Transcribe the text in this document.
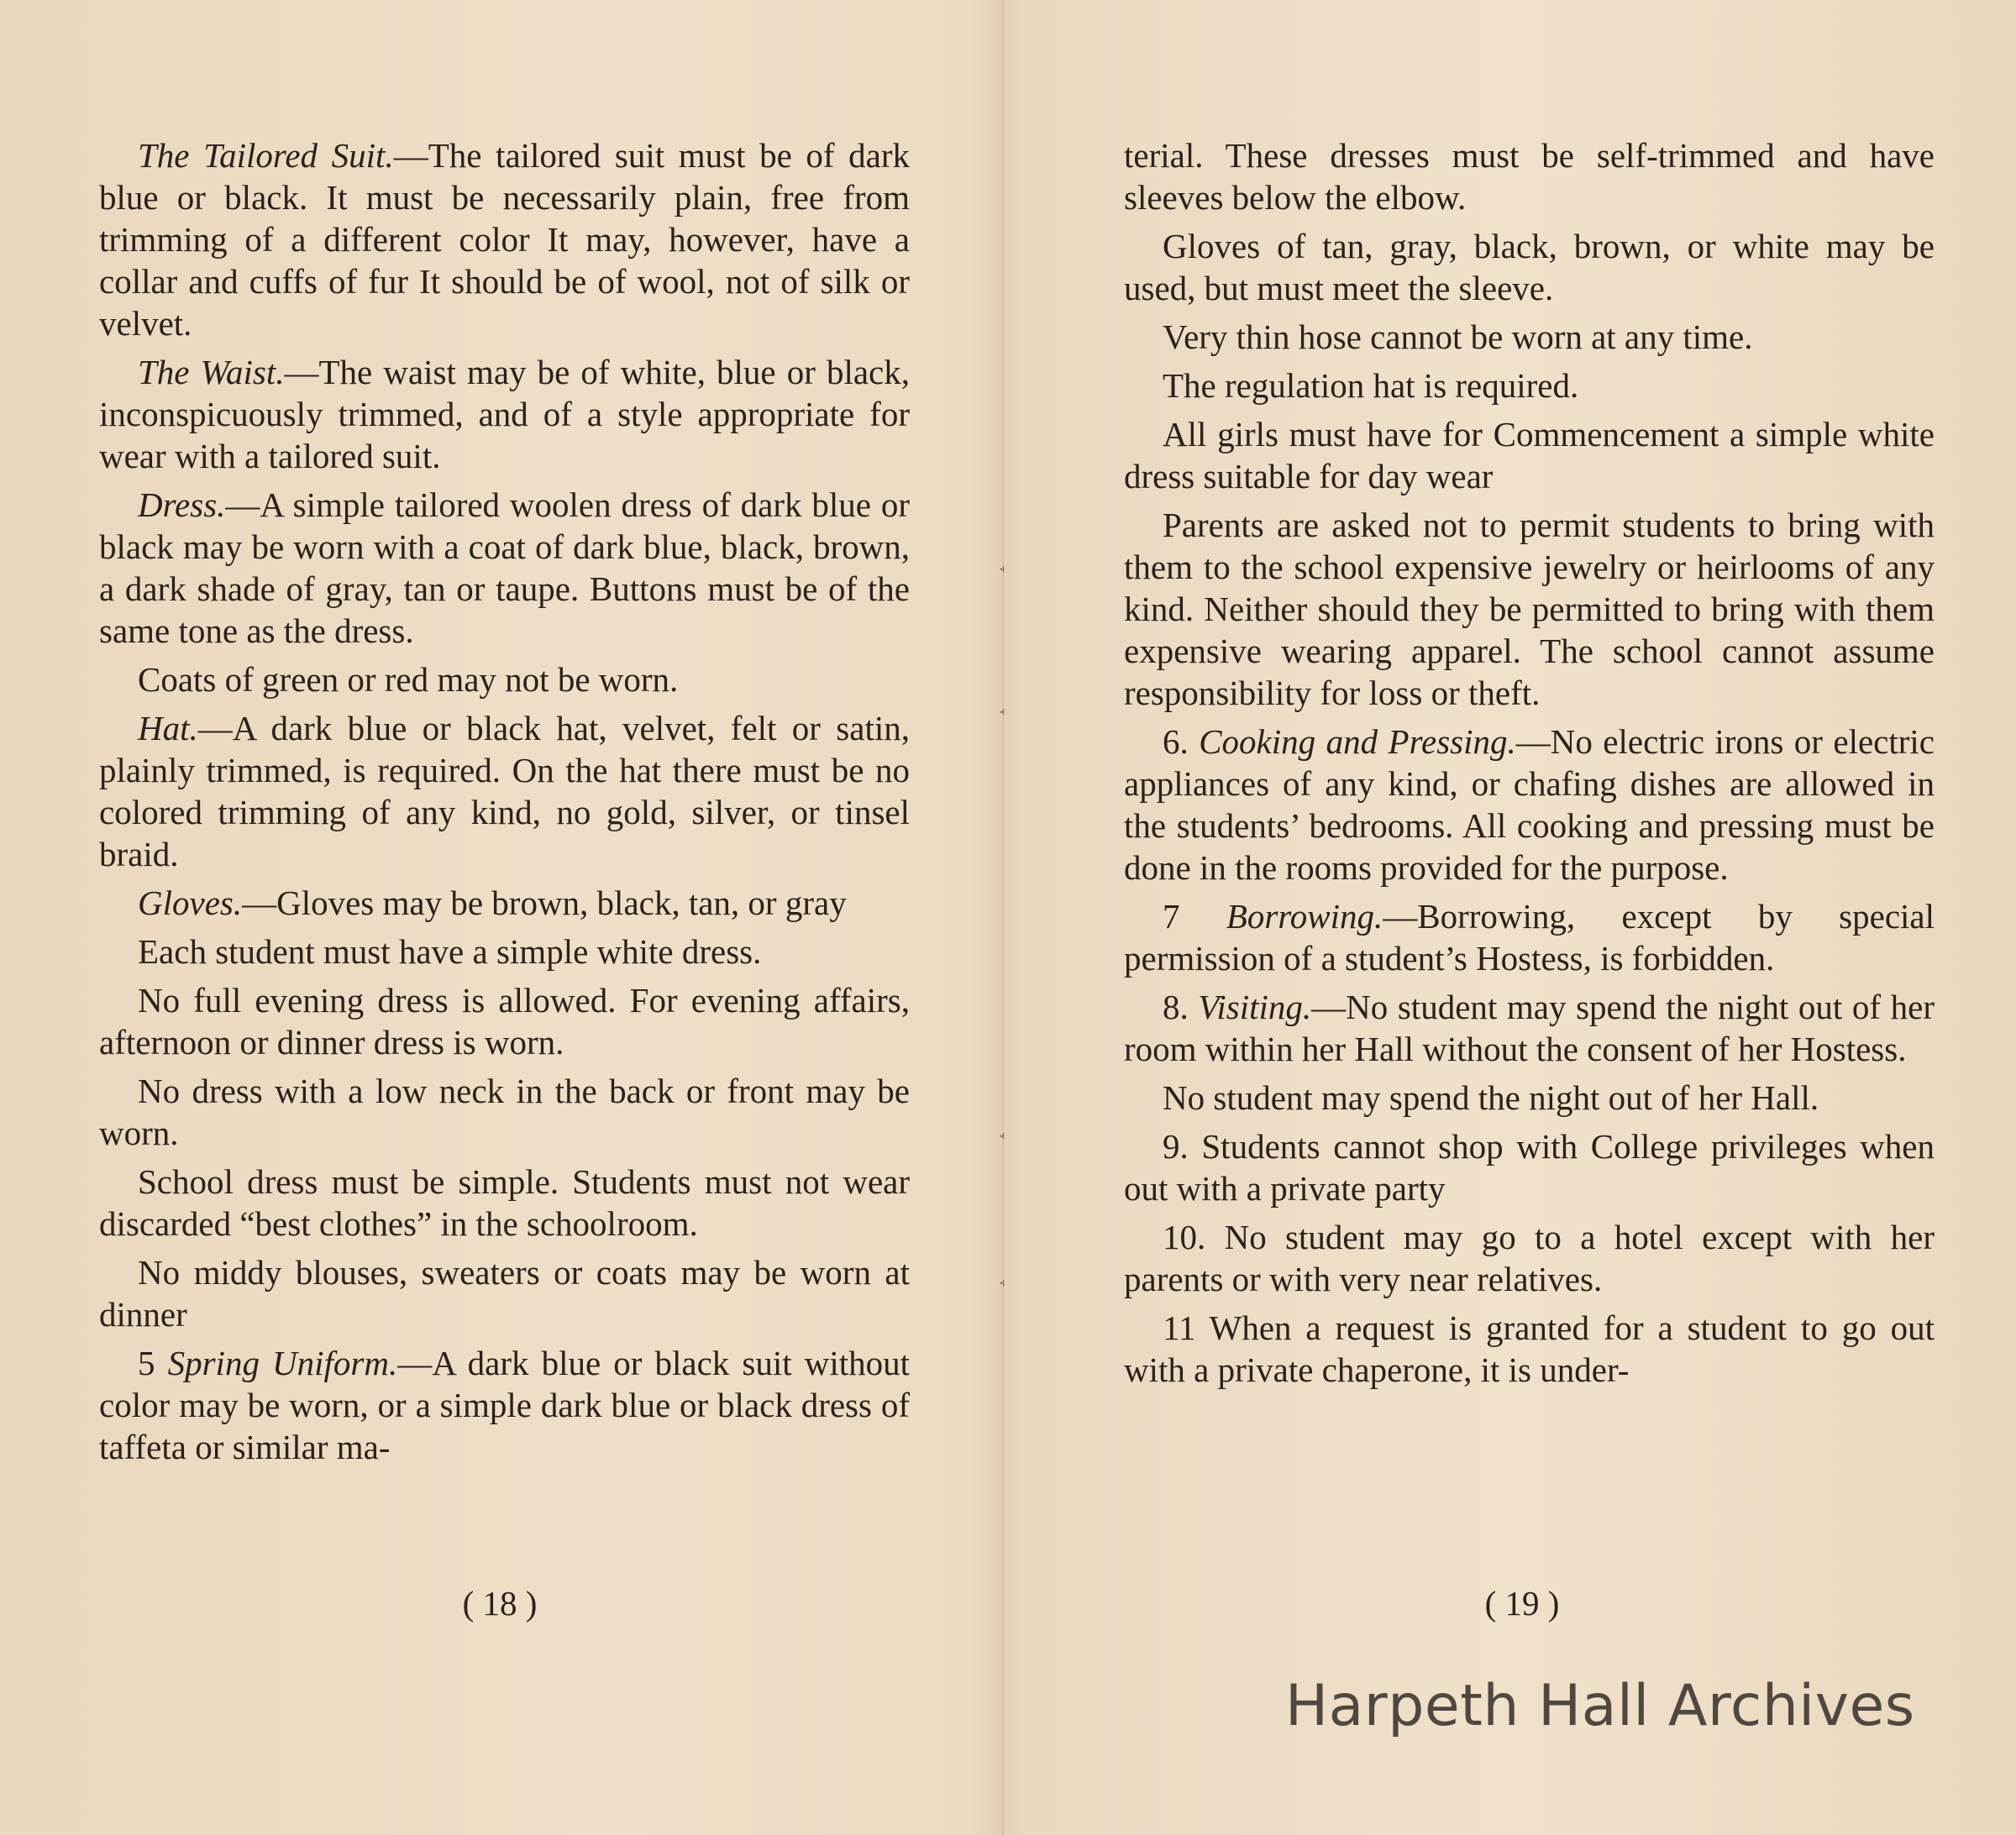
The Tailored Suit.—The tailored suit must be of dark blue or black. It must be necessarily plain, free from trimming of a different color It may, however, have a collar and cuffs of fur It should be of wool, not of silk or velvet.

The Waist.—The waist may be of white, blue or black, inconspicuously trimmed, and of a style appropriate for wear with a tailored suit.

Dress.—A simple tailored woolen dress of dark blue or black may be worn with a coat of dark blue, black, brown, a dark shade of gray, tan or taupe. Buttons must be of the same tone as the dress.

Coats of green or red may not be worn.

Hat.—A dark blue or black hat, velvet, felt or satin, plainly trimmed, is required. On the hat there must be no colored trimming of any kind, no gold, silver, or tinsel braid.

Gloves.—Gloves may be brown, black, tan, or gray

Each student must have a simple white dress.

No full evening dress is allowed. For evening affairs, afternoon or dinner dress is worn.

No dress with a low neck in the back or front may be worn.

School dress must be simple. Students must not wear discarded “best clothes” in the schoolroom.

No middy blouses, sweaters or coats may be worn at dinner

5 Spring Uniform.—A dark blue or black suit without color may be worn, or a simple dark blue or black dress of taffeta or similar ma-

( 18 )

terial. These dresses must be self-trimmed and have sleeves below the elbow.

Gloves of tan, gray, black, brown, or white may be used, but must meet the sleeve.

Very thin hose cannot be worn at any time.

The regulation hat is required.

All girls must have for Commencement a simple white dress suitable for day wear

Parents are asked not to permit students to bring with them to the school expensive jewelry or heirlooms of any kind. Neither should they be permitted to bring with them expensive wearing apparel. The school cannot assume responsibility for loss or theft.

6. Cooking and Pressing.—No electric irons or electric appliances of any kind, or chafing dishes are allowed in the students’ bedrooms. All cooking and pressing must be done in the rooms provided for the purpose.

7 Borrowing.—Borrowing, except by special permission of a student’s Hostess, is forbidden.

8. Visiting.—No student may spend the night out of her room within her Hall without the consent of her Hostess.

No student may spend the night out of her Hall.

9. Students cannot shop with College privileges when out with a private party

10. No student may go to a hotel except with her parents or with very near relatives.

11 When a request is granted for a student to go out with a private chaperone, it is under-

( 19 )
Harpeth Hall Archives
